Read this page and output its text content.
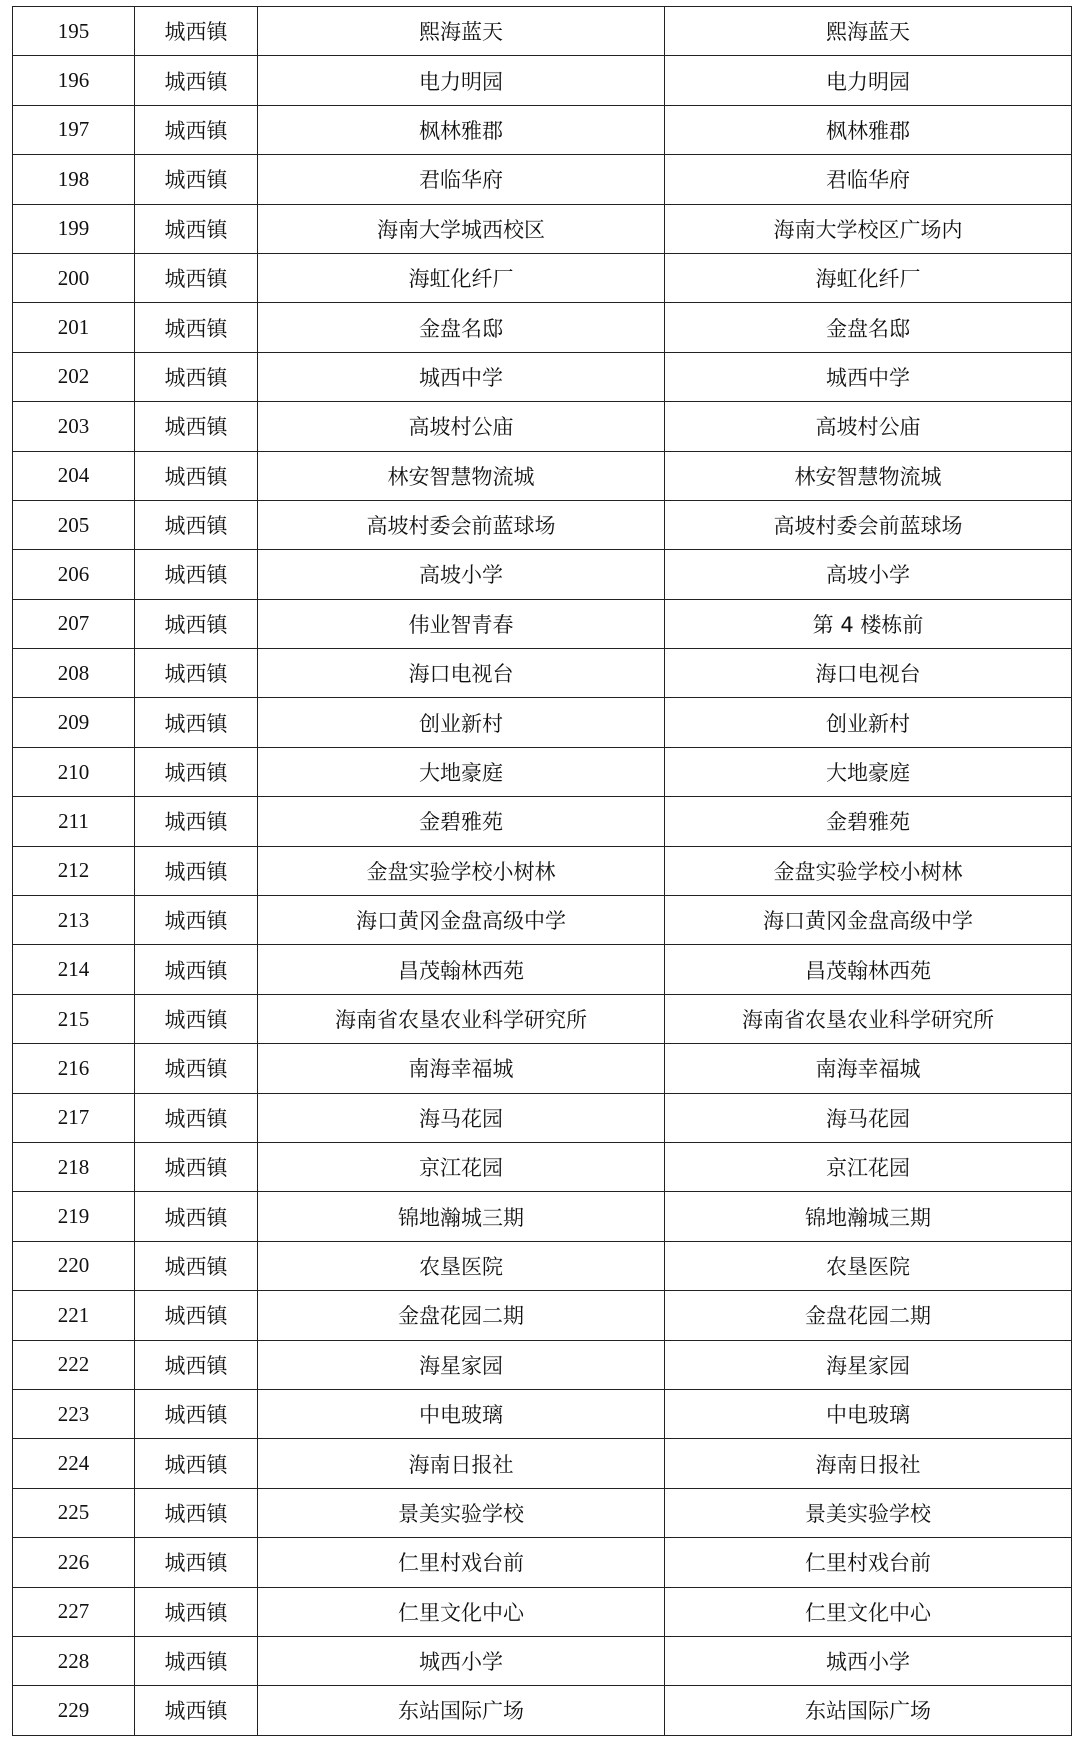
195	城西镇	熙海蓝天	熙海蓝天
196	城西镇	电力明园	电力明园
197	城西镇	枫林雅郡	枫林雅郡
198	城西镇	君临华府	君临华府
199	城西镇	海南大学城西校区	海南大学校区广场内
200	城西镇	海虹化纤厂	海虹化纤厂
201	城西镇	金盘名邸	金盘名邸
202	城西镇	城西中学	城西中学
203	城西镇	高坡村公庙	高坡村公庙
204	城西镇	林安智慧物流城	林安智慧物流城
205	城西镇	高坡村委会前蓝球场	高坡村委会前蓝球场
206	城西镇	高坡小学	高坡小学
207	城西镇	伟业智青春	第 4 楼栋前
208	城西镇	海口电视台	海口电视台
209	城西镇	创业新村	创业新村
210	城西镇	大地豪庭	大地豪庭
211	城西镇	金碧雅苑	金碧雅苑
212	城西镇	金盘实验学校小树林	金盘实验学校小树林
213	城西镇	海口黄冈金盘高级中学	海口黄冈金盘高级中学
214	城西镇	昌茂翰林西苑	昌茂翰林西苑
215	城西镇	海南省农垦农业科学研究所	海南省农垦农业科学研究所
216	城西镇	南海幸福城	南海幸福城
217	城西镇	海马花园	海马花园
218	城西镇	京江花园	京江花园
219	城西镇	锦地瀚城三期	锦地瀚城三期
220	城西镇	农垦医院	农垦医院
221	城西镇	金盘花园二期	金盘花园二期
222	城西镇	海星家园	海星家园
223	城西镇	中电玻璃	中电玻璃
224	城西镇	海南日报社	海南日报社
225	城西镇	景美实验学校	景美实验学校
226	城西镇	仁里村戏台前	仁里村戏台前
227	城西镇	仁里文化中心	仁里文化中心
228	城西镇	城西小学	城西小学
229	城西镇	东站国际广场	东站国际广场
